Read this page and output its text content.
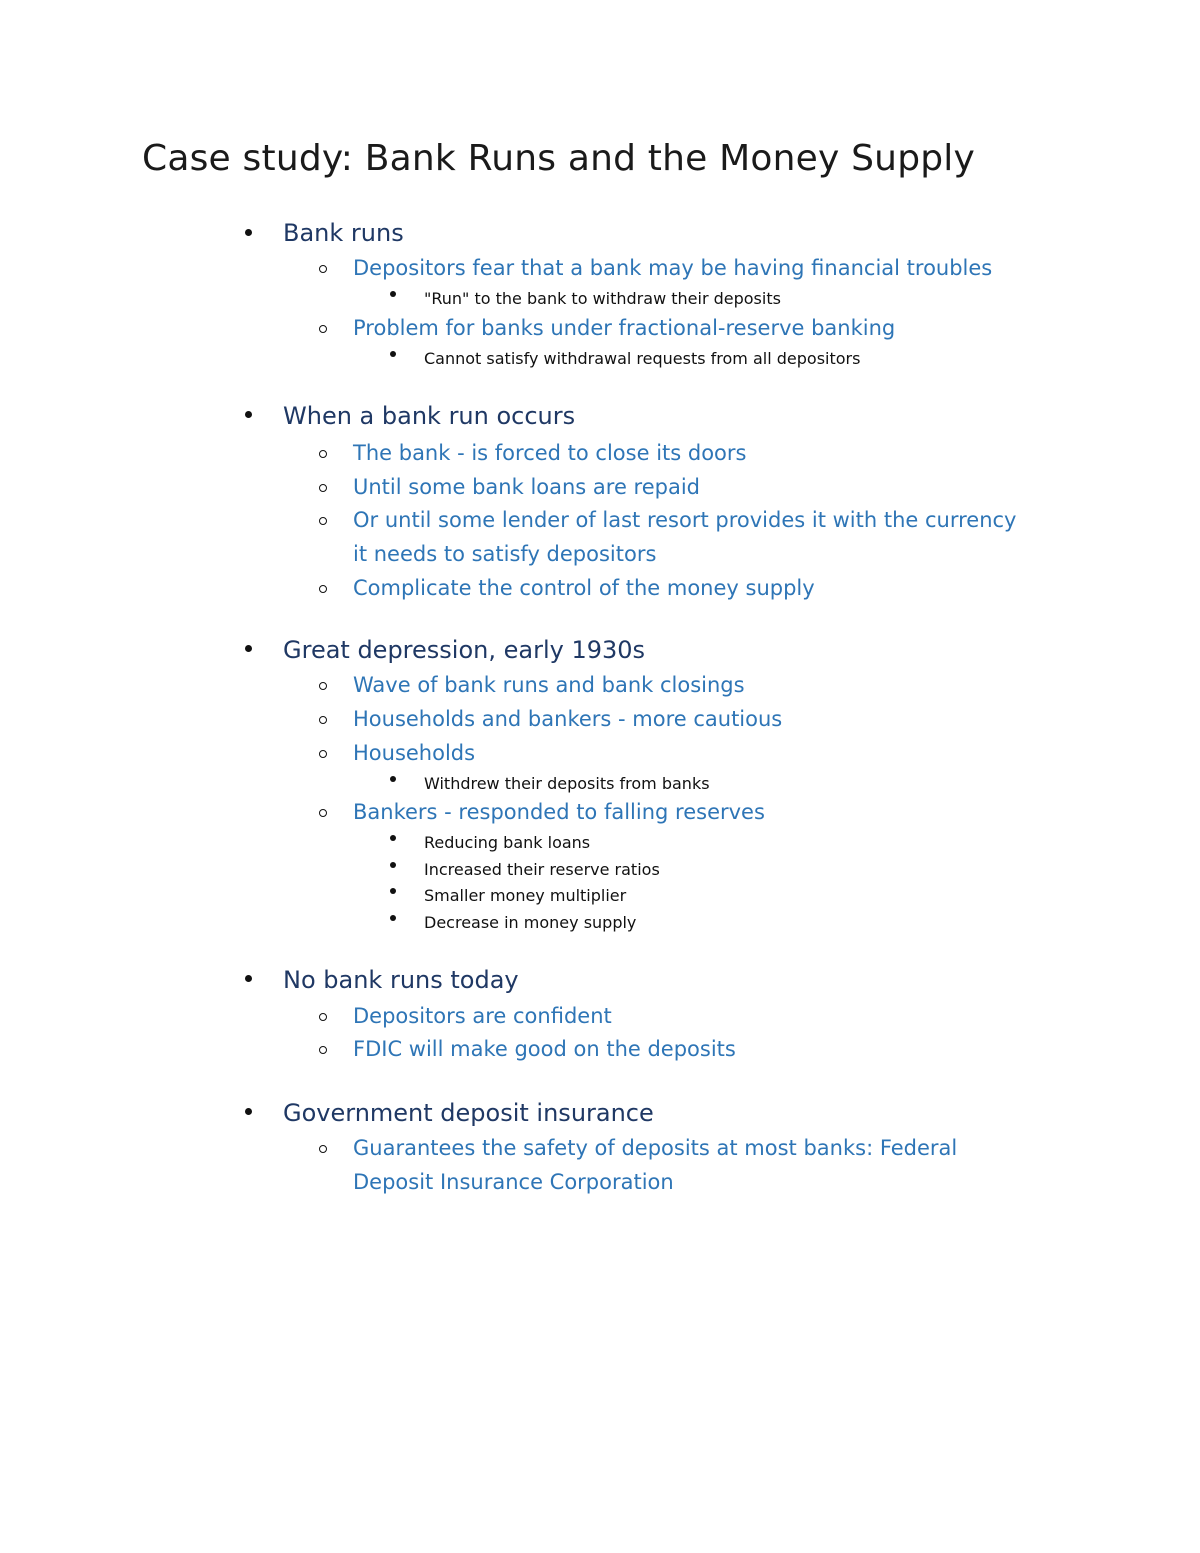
Case study: Bank Runs and the Money Supply
Bank runs
Depositors fear that a bank may be having financial troubles
"Run" to the bank to withdraw their deposits
Problem for banks under fractional-reserve banking
Cannot satisfy withdrawal requests from all depositors
When a bank run occurs
The bank - is forced to close its doors
Until some bank loans are repaid
Or until some lender of last resort provides it with the currency
it needs to satisfy depositors
Complicate the control of the money supply
Great depression, early 1930s
Wave of bank runs and bank closings
Households and bankers - more cautious
Households
Withdrew their deposits from banks
Bankers - responded to falling reserves
Reducing bank loans
Increased their reserve ratios
Smaller money multiplier
Decrease in money supply
No bank runs today
Depositors are confident
FDIC will make good on the deposits
Government deposit insurance
Guarantees the safety of deposits at most banks: Federal
Deposit Insurance Corporation
